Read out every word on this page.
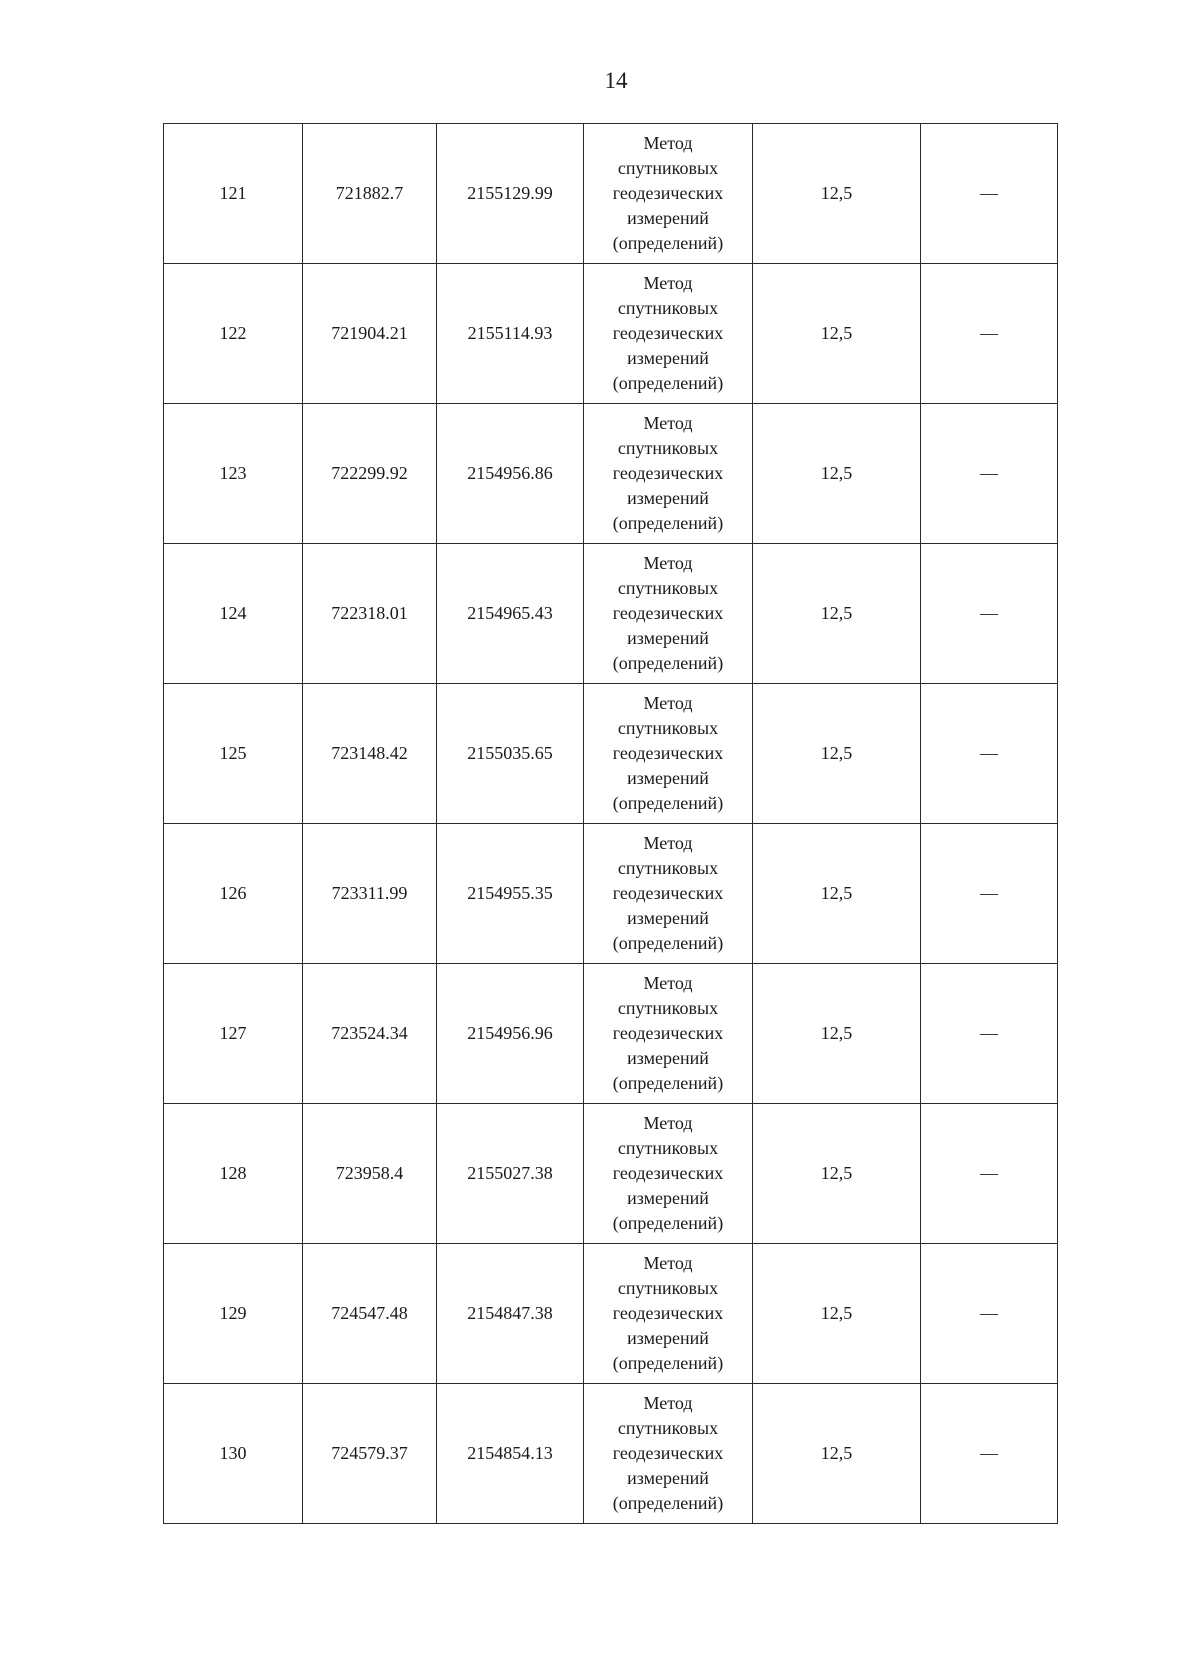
14
121	721882.7	2155129.99	Метод
спутниковых
геодезических
измерений
(определений)	12,5	—
122	721904.21	2155114.93	Метод
спутниковых
геодезических
измерений
(определений)	12,5	—
123	722299.92	2154956.86	Метод
спутниковых
геодезических
измерений
(определений)	12,5	—
124	722318.01	2154965.43	Метод
спутниковых
геодезических
измерений
(определений)	12,5	—
125	723148.42	2155035.65	Метод
спутниковых
геодезических
измерений
(определений)	12,5	—
126	723311.99	2154955.35	Метод
спутниковых
геодезических
измерений
(определений)	12,5	—
127	723524.34	2154956.96	Метод
спутниковых
геодезических
измерений
(определений)	12,5	—
128	723958.4	2155027.38	Метод
спутниковых
геодезических
измерений
(определений)	12,5	—
129	724547.48	2154847.38	Метод
спутниковых
геодезических
измерений
(определений)	12,5	—
130	724579.37	2154854.13	Метод
спутниковых
геодезических
измерений
(определений)	12,5	—
